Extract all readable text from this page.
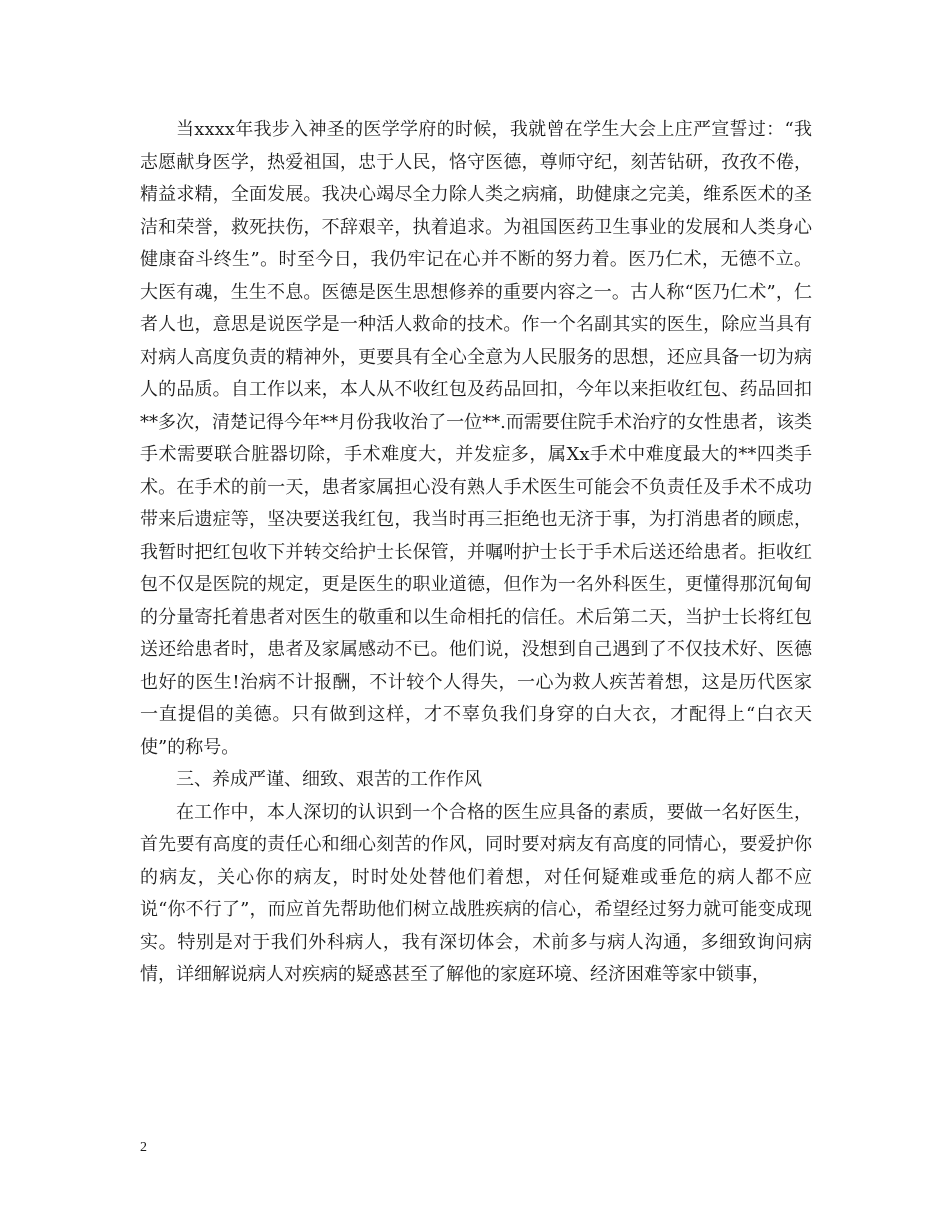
当xxxx年我步入神圣的医学学府的时候，我就曾在学生大会上庄严宣誓过：“我志愿献身医学，热爱祖国，忠于人民，恪守医德，尊师守纪，刻苦钻研，孜孜不倦，精益求精，全面发展。我决心竭尽全力除人类之病痛，助健康之完美，维系医术的圣洁和荣誉，救死扶伤，不辞艰辛，执着追求。为祖国医药卫生事业的发展和人类身心健康奋斗终生”。时至今日，我仍牢记在心并不断的努力着。医乃仁术，无德不立。大医有魂，生生不息。医德是医生思想修养的重要内容之一。古人称“医乃仁术”，仁者人也，意思是说医学是一种活人救命的技术。作一个名副其实的医生，除应当具有对病人高度负责的精神外，更要具有全心全意为人民服务的思想，还应具备一切为病人的品质。自工作以来，本人从不收红包及药品回扣，今年以来拒收红包、药品回扣**多次，清楚记得今年**月份我收治了一位**.而需要住院手术治疗的女性患者，该类手术需要联合脏器切除，手术难度大，并发症多，属Xx手术中难度最大的**四类手术。在手术的前一天，患者家属担心没有熟人手术医生可能会不负责任及手术不成功带来后遗症等，坚决要送我红包，我当时再三拒绝也无济于事，为打消患者的顾虑，我暂时把红包收下并转交给护士长保管，并嘱咐护士长于手术后送还给患者。拒收红包不仅是医院的规定，更是医生的职业道德，但作为一名外科医生，更懂得那沉甸甸的分量寄托着患者对医生的敬重和以生命相托的信任。术后第二天，当护士长将红包送还给患者时，患者及家属感动不已。他们说，没想到自己遇到了不仅技术好、医德也好的医生!治病不计报酬，不计较个人得失，一心为救人疾苦着想，这是历代医家一直提倡的美德。只有做到这样，才不辜负我们身穿的白大衣，才配得上“白衣天使”的称号。

三、养成严谨、细致、艰苦的工作作风

在工作中，本人深切的认识到一个合格的医生应具备的素质，要做一名好医生，首先要有高度的责任心和细心刻苦的作风，同时要对病友有高度的同情心，要爱护你的病友，关心你的病友，时时处处替他们着想，对任何疑难或垂危的病人都不应说“你不行了”，而应首先帮助他们树立战胜疾病的信心，希望经过努力就可能变成现实。特别是对于我们外科病人，我有深切体会，术前多与病人沟通，多细致询问病情，详细解说病人对疾病的疑惑甚至了解他的家庭环境、经济困难等家中锁事，

2
